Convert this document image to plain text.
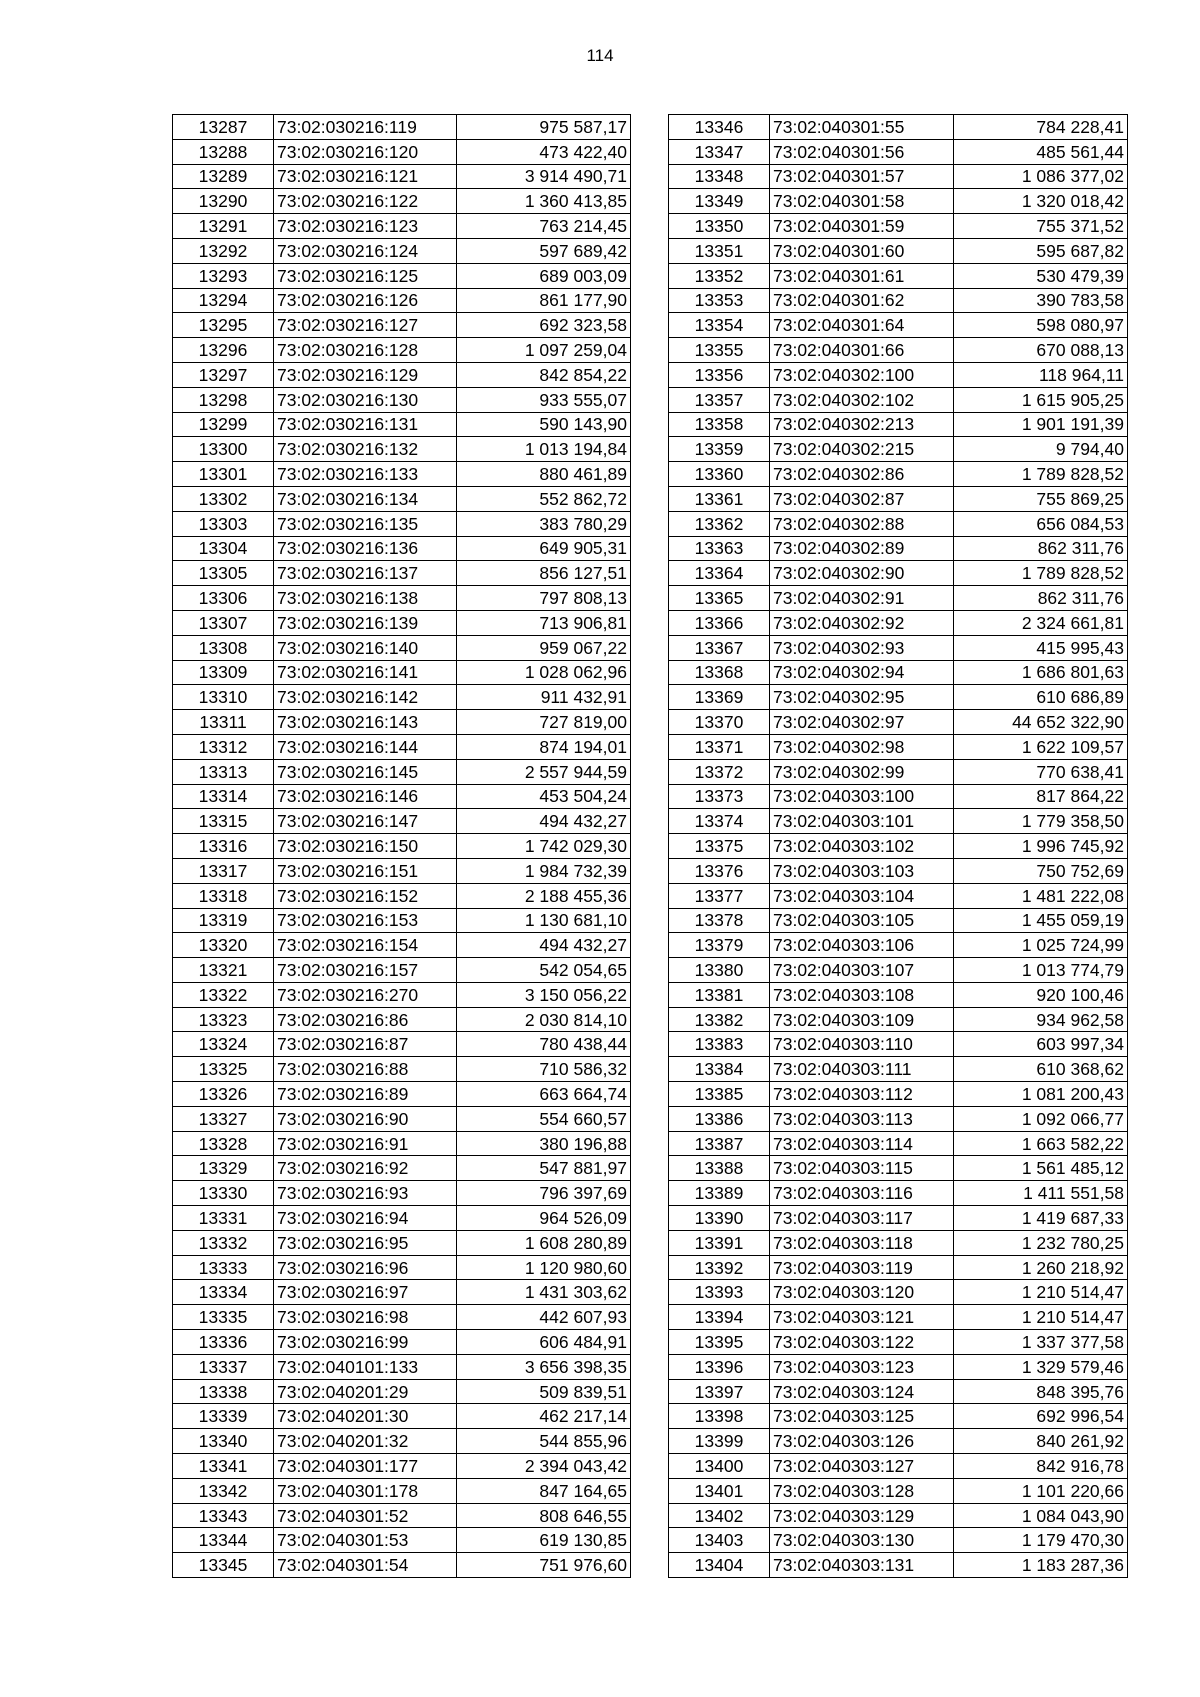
114
13287	73:02:030216:119	975 587,17
13288	73:02:030216:120	473 422,40
13289	73:02:030216:121	3 914 490,71
13290	73:02:030216:122	1 360 413,85
13291	73:02:030216:123	763 214,45
13292	73:02:030216:124	597 689,42
13293	73:02:030216:125	689 003,09
13294	73:02:030216:126	861 177,90
13295	73:02:030216:127	692 323,58
13296	73:02:030216:128	1 097 259,04
13297	73:02:030216:129	842 854,22
13298	73:02:030216:130	933 555,07
13299	73:02:030216:131	590 143,90
13300	73:02:030216:132	1 013 194,84
13301	73:02:030216:133	880 461,89
13302	73:02:030216:134	552 862,72
13303	73:02:030216:135	383 780,29
13304	73:02:030216:136	649 905,31
13305	73:02:030216:137	856 127,51
13306	73:02:030216:138	797 808,13
13307	73:02:030216:139	713 906,81
13308	73:02:030216:140	959 067,22
13309	73:02:030216:141	1 028 062,96
13310	73:02:030216:142	911 432,91
13311	73:02:030216:143	727 819,00
13312	73:02:030216:144	874 194,01
13313	73:02:030216:145	2 557 944,59
13314	73:02:030216:146	453 504,24
13315	73:02:030216:147	494 432,27
13316	73:02:030216:150	1 742 029,30
13317	73:02:030216:151	1 984 732,39
13318	73:02:030216:152	2 188 455,36
13319	73:02:030216:153	1 130 681,10
13320	73:02:030216:154	494 432,27
13321	73:02:030216:157	542 054,65
13322	73:02:030216:270	3 150 056,22
13323	73:02:030216:86	2 030 814,10
13324	73:02:030216:87	780 438,44
13325	73:02:030216:88	710 586,32
13326	73:02:030216:89	663 664,74
13327	73:02:030216:90	554 660,57
13328	73:02:030216:91	380 196,88
13329	73:02:030216:92	547 881,97
13330	73:02:030216:93	796 397,69
13331	73:02:030216:94	964 526,09
13332	73:02:030216:95	1 608 280,89
13333	73:02:030216:96	1 120 980,60
13334	73:02:030216:97	1 431 303,62
13335	73:02:030216:98	442 607,93
13336	73:02:030216:99	606 484,91
13337	73:02:040101:133	3 656 398,35
13338	73:02:040201:29	509 839,51
13339	73:02:040201:30	462 217,14
13340	73:02:040201:32	544 855,96
13341	73:02:040301:177	2 394 043,42
13342	73:02:040301:178	847 164,65
13343	73:02:040301:52	808 646,55
13344	73:02:040301:53	619 130,85
13345	73:02:040301:54	751 976,60
13346	73:02:040301:55	784 228,41
13347	73:02:040301:56	485 561,44
13348	73:02:040301:57	1 086 377,02
13349	73:02:040301:58	1 320 018,42
13350	73:02:040301:59	755 371,52
13351	73:02:040301:60	595 687,82
13352	73:02:040301:61	530 479,39
13353	73:02:040301:62	390 783,58
13354	73:02:040301:64	598 080,97
13355	73:02:040301:66	670 088,13
13356	73:02:040302:100	118 964,11
13357	73:02:040302:102	1 615 905,25
13358	73:02:040302:213	1 901 191,39
13359	73:02:040302:215	9 794,40
13360	73:02:040302:86	1 789 828,52
13361	73:02:040302:87	755 869,25
13362	73:02:040302:88	656 084,53
13363	73:02:040302:89	862 311,76
13364	73:02:040302:90	1 789 828,52
13365	73:02:040302:91	862 311,76
13366	73:02:040302:92	2 324 661,81
13367	73:02:040302:93	415 995,43
13368	73:02:040302:94	1 686 801,63
13369	73:02:040302:95	610 686,89
13370	73:02:040302:97	44 652 322,90
13371	73:02:040302:98	1 622 109,57
13372	73:02:040302:99	770 638,41
13373	73:02:040303:100	817 864,22
13374	73:02:040303:101	1 779 358,50
13375	73:02:040303:102	1 996 745,92
13376	73:02:040303:103	750 752,69
13377	73:02:040303:104	1 481 222,08
13378	73:02:040303:105	1 455 059,19
13379	73:02:040303:106	1 025 724,99
13380	73:02:040303:107	1 013 774,79
13381	73:02:040303:108	920 100,46
13382	73:02:040303:109	934 962,58
13383	73:02:040303:110	603 997,34
13384	73:02:040303:111	610 368,62
13385	73:02:040303:112	1 081 200,43
13386	73:02:040303:113	1 092 066,77
13387	73:02:040303:114	1 663 582,22
13388	73:02:040303:115	1 561 485,12
13389	73:02:040303:116	1 411 551,58
13390	73:02:040303:117	1 419 687,33
13391	73:02:040303:118	1 232 780,25
13392	73:02:040303:119	1 260 218,92
13393	73:02:040303:120	1 210 514,47
13394	73:02:040303:121	1 210 514,47
13395	73:02:040303:122	1 337 377,58
13396	73:02:040303:123	1 329 579,46
13397	73:02:040303:124	848 395,76
13398	73:02:040303:125	692 996,54
13399	73:02:040303:126	840 261,92
13400	73:02:040303:127	842 916,78
13401	73:02:040303:128	1 101 220,66
13402	73:02:040303:129	1 084 043,90
13403	73:02:040303:130	1 179 470,30
13404	73:02:040303:131	1 183 287,36
